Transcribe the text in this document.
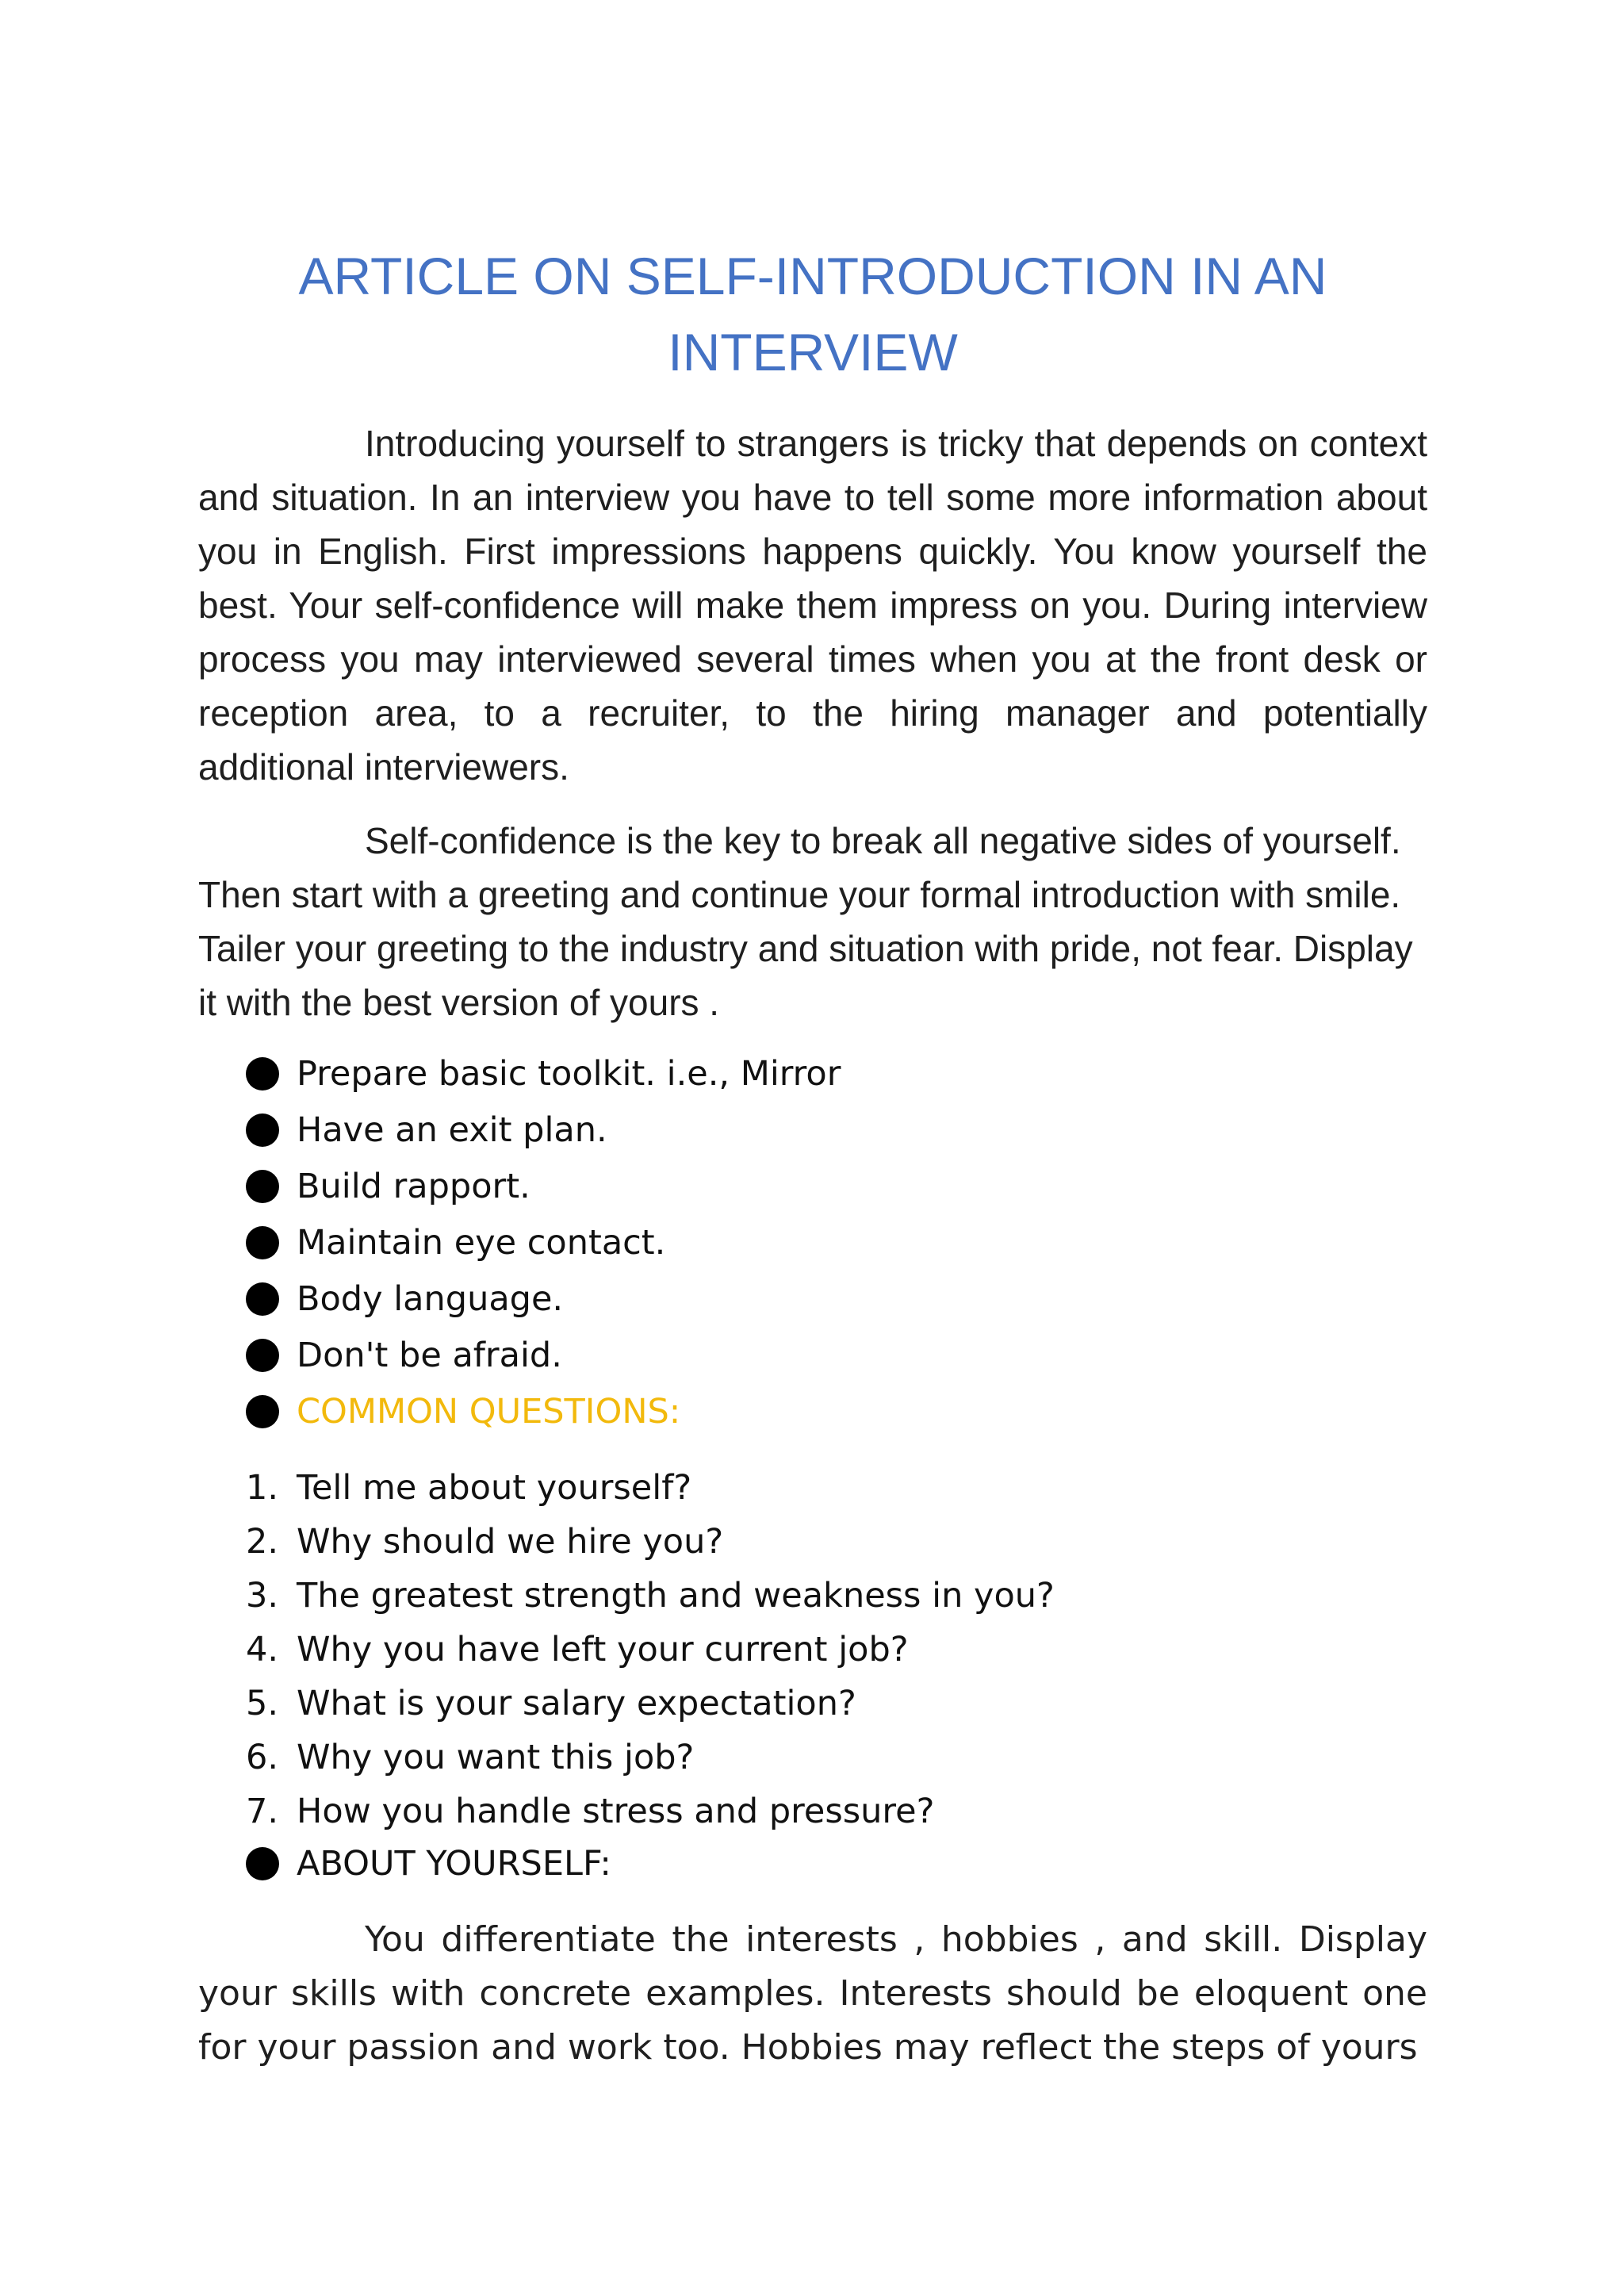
ARTICLE ON SELF-INTRODUCTION IN AN INTERVIEW

Introducing yourself to strangers is tricky that depends on context and situation. In an interview you have to tell some more information about you in English. First impressions happens quickly. You know yourself the best. Your self-confidence will make them impress on you. During interview process you may interviewed several times when you at the front desk or reception area, to a recruiter, to the hiring manager and potentially additional interviewers.

Self-confidence is the key to break all negative sides of yourself. Then start with a greeting and continue your formal introduction with smile. Tailer your greeting to the industry and situation with pride, not fear. Display it with the best version of yours .

Prepare basic toolkit. i.e., Mirror
Have an exit plan.
Build rapport.
Maintain eye contact.
Body language.
Don't be afraid.
COMMON QUESTIONS:
1. Tell me about yourself?
2. Why should we hire you?
3. The greatest strength and weakness in you?
4. Why you have left your current job?
5. What is your salary expectation?
6. Why you want this job?
7. How you handle stress and pressure?
ABOUT YOURSELF:

You differentiate the interests , hobbies , and skill. Display your skills with concrete examples. Interests should be eloquent one for your passion and work too. Hobbies may reflect the steps of yours
